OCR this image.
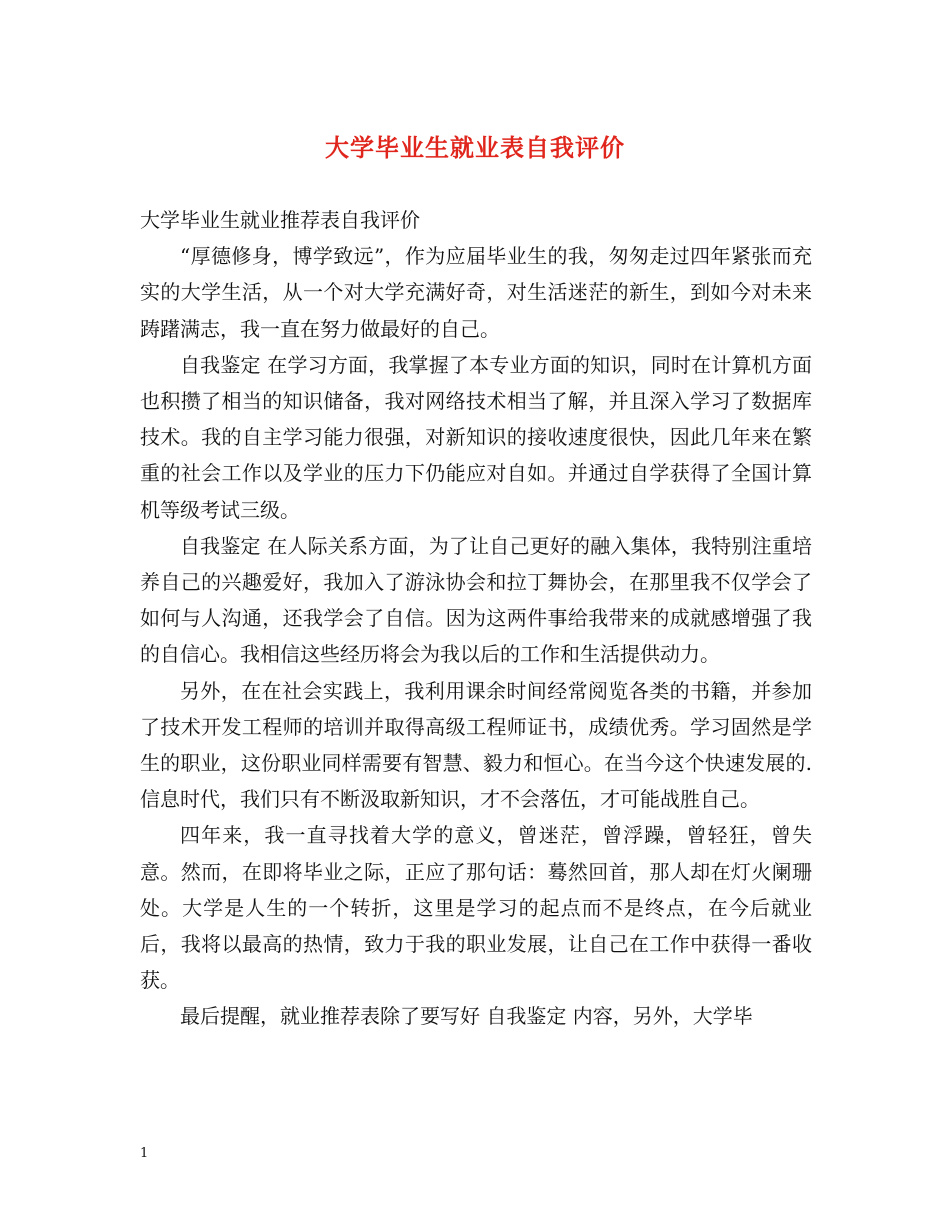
大学毕业生就业表自我评价

大学毕业生就业推荐表自我评价

“厚德修身，博学致远”，作为应届毕业生的我，匆匆走过四年紧张而充实的大学生活，从一个对大学充满好奇，对生活迷茫的新生，到如今对未来踌躇满志，我一直在努力做最好的自己。

自我鉴定 在学习方面，我掌握了本专业方面的知识，同时在计算机方面也积攒了相当的知识储备，我对网络技术相当了解，并且深入学习了数据库技术。我的自主学习能力很强，对新知识的接收速度很快，因此几年来在繁重的社会工作以及学业的压力下仍能应对自如。并通过自学获得了全国计算机等级考试三级。

自我鉴定 在人际关系方面，为了让自己更好的融入集体，我特别注重培养自己的兴趣爱好，我加入了游泳协会和拉丁舞协会，在那里我不仅学会了如何与人沟通，还我学会了自信。因为这两件事给我带来的成就感增强了我的自信心。我相信这些经历将会为我以后的工作和生活提供动力。

另外，在在社会实践上，我利用课余时间经常阅览各类的书籍，并参加了技术开发工程师的培训并取得高级工程师证书，成绩优秀。学习固然是学生的职业，这份职业同样需要有智慧、毅力和恒心。在当今这个快速发展的.信息时代，我们只有不断汲取新知识，才不会落伍，才可能战胜自己。

四年来，我一直寻找着大学的意义，曾迷茫，曾浮躁，曾轻狂，曾失意。然而，在即将毕业之际，正应了那句话：蓦然回首，那人却在灯火阑珊处。大学是人生的一个转折，这里是学习的起点而不是终点，在今后就业后，我将以最高的热情，致力于我的职业发展，让自己在工作中获得一番收获。

最后提醒，就业推荐表除了要写好 自我鉴定 内容，另外，大学毕

1
